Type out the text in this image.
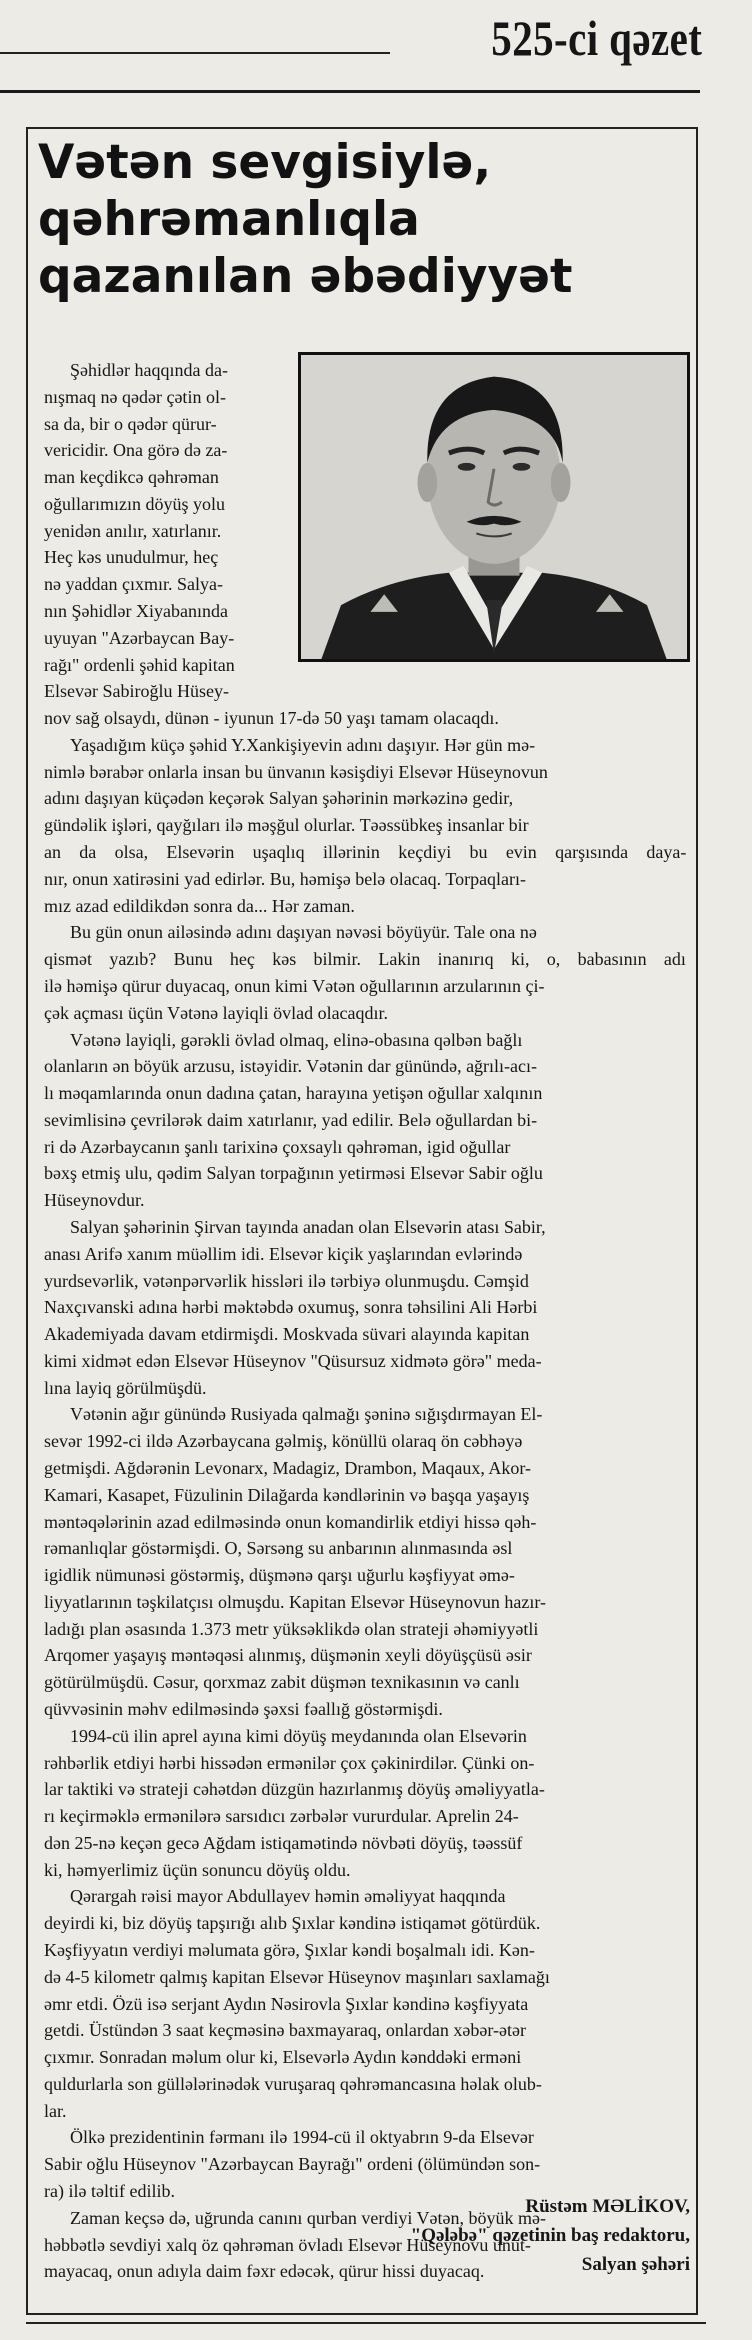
525-ci qəzet
Vətən sevgisiylə,
qəhrəmanlıqla
qazanılan əbədiyyət
Şəhidlər haqqında da-
nışmaq nə qədər çətin ol-
sa da, bir o qədər qürur-
vericidir. Ona görə də za-
man keçdikcə qəhrəman
oğullarımızın döyüş yolu
yenidən anılır, xatırlanır.
Heç kəs unudulmur, heç
nə yaddan çıxmır. Salya-
nın Şəhidlər Xiyabanında
uyuyan "Azərbaycan Bay-
rağı" ordenli şəhid kapitan
Elsevər Sabiroğlu Hüsey-
nov sağ olsaydı, dünən - iyunun 17-də 50 yaşı tamam olacaqdı.
Yaşadığım küçə şəhid Y.Xankişiyevin adını daşıyır. Hər gün mə-
nimlə bərabər onlarla insan bu ünvanın kəsişdiyi Elsevər Hüseynovun
adını daşıyan küçədən keçərək Salyan şəhərinin mərkəzinə gedir,
gündəlik işləri, qayğıları ilə məşğul olurlar. Təəssübkeş insanlar bir
an da olsa, Elsevərin uşaqlıq illərinin keçdiyi bu evin qarşısında daya-
nır, onun xatirəsini yad edirlər. Bu, həmişə belə olacaq. Torpaqları-
mız azad edildikdən sonra da... Hər zaman.
Bu gün onun ailəsində adını daşıyan nəvəsi böyüyür. Tale ona nə
qismət yazıb? Bunu heç kəs bilmir. Lakin inanırıq ki, o, babasının adı
ilə həmişə qürur duyacaq, onun kimi Vətən oğullarının arzularının çi-
çək açması üçün Vətənə layiqli övlad olacaqdır.
Vətənə layiqli, gərəkli övlad olmaq, elinə-obasına qəlbən bağlı
olanların ən böyük arzusu, istəyidir. Vətənin dar günündə, ağrılı-acı-
lı məqamlarında onun dadına çatan, harayına yetişən oğullar xalqının
sevimlisinə çevrilərək daim xatırlanır, yad edilir. Belə oğullardan bi-
ri də Azərbaycanın şanlı tarixinə çoxsaylı qəhrəman, igid oğullar
bəxş etmiş ulu, qədim Salyan torpağının yetirməsi Elsevər Sabir oğlu
Hüseynovdur.
Salyan şəhərinin Şirvan tayında anadan olan Elsevərin atası Sabir,
anası Arifə xanım müəllim idi. Elsevər kiçik yaşlarından evlərində
yurdsevərlik, vətənpərvərlik hissləri ilə tərbiyə olunmuşdu. Cəmşid
Naxçıvanski adına hərbi məktəbdə oxumuş, sonra təhsilini Ali Hərbi
Akademiyada davam etdirmişdi. Moskvada süvari alayında kapitan
kimi xidmət edən Elsevər Hüseynov "Qüsursuz xidmətə görə" meda-
lına layiq görülmüşdü.
Vətənin ağır günündə Rusiyada qalmağı şəninə sığışdırmayan El-
sevər 1992-ci ildə Azərbaycana gəlmiş, könüllü olaraq ön cəbhəyə
getmişdi. Ağdərənin Levonarx, Madagiz, Drambon, Maqaux, Akor-
Kamari, Kasapet, Füzulinin Dilağarda kəndlərinin və başqa yaşayış
məntəqələrinin azad edilməsində onun komandirlik etdiyi hissə qəh-
rəmanlıqlar göstərmişdi. O, Sərsəng su anbarının alınmasında əsl
igidlik nümunəsi göstərmiş, düşmənə qarşı uğurlu kəşfiyyat əmə-
liyyatlarının təşkilatçısı olmuşdu. Kapitan Elsevər Hüseynovun hazır-
ladığı plan əsasında 1.373 metr yüksəklikdə olan strateji əhəmiyyətli
Arqomer yaşayış məntəqəsi alınmış, düşmənin xeyli döyüşçüsü əsir
götürülmüşdü. Cəsur, qorxmaz zabit düşmən texnikasının və canlı
qüvvəsinin məhv edilməsində şəxsi fəallığ göstərmişdi.
1994-cü ilin aprel ayına kimi döyüş meydanında olan Elsevərin
rəhbərlik etdiyi hərbi hissədən ermənilər çox çəkinirdilər. Çünki on-
lar taktiki və strateji cəhətdən düzgün hazırlanmış döyüş əməliyyatla-
rı keçirməklə ermənilərə sarsıdıcı zərbələr vururdular. Aprelin 24-
dən 25-nə keçən gecə Ağdam istiqamətində növbəti döyüş, təəssüf
ki, həmyerlimiz üçün sonuncu döyüş oldu.
Qərargah rəisi mayor Abdullayev həmin əməliyyat haqqında
deyirdi ki, biz döyüş tapşırığı alıb Şıxlar kəndinə istiqamət götürdük.
Kəşfiyyatın verdiyi məlumata görə, Şıxlar kəndi boşalmalı idi. Kən-
də 4-5 kilometr qalmış kapitan Elsevər Hüseynov maşınları saxlamağı
əmr etdi. Özü isə serjant Aydın Nəsirovla Şıxlar kəndinə kəşfiyyata
getdi. Üstündən 3 saat keçməsinə baxmayaraq, onlardan xəbər-ətər
çıxmır. Sonradan məlum olur ki, Elsevərlə Aydın kənddəki erməni
quldurlarla son güllələrinədək vuruşaraq qəhrəmancasına həlak olub-
lar.
Ölkə prezidentinin fərmanı ilə 1994-cü il oktyabrın 9-da Elsevər
Sabir oğlu Hüseynov "Azərbaycan Bayrağı" ordeni (ölümündən son-
ra) ilə təltif edilib.
Zaman keçsə də, uğrunda canını qurban verdiyi Vətən, böyük mə-
həbbətlə sevdiyi xalq öz qəhrəman övladı Elsevər Hüseynovu unut-
mayacaq, onun adıyla daim fəxr edəcək, qürur hissi duyacaq.
Rüstəm MƏLİKOV,
"Qələbə" qəzetinin baş redaktoru,
Salyan şəhəri
